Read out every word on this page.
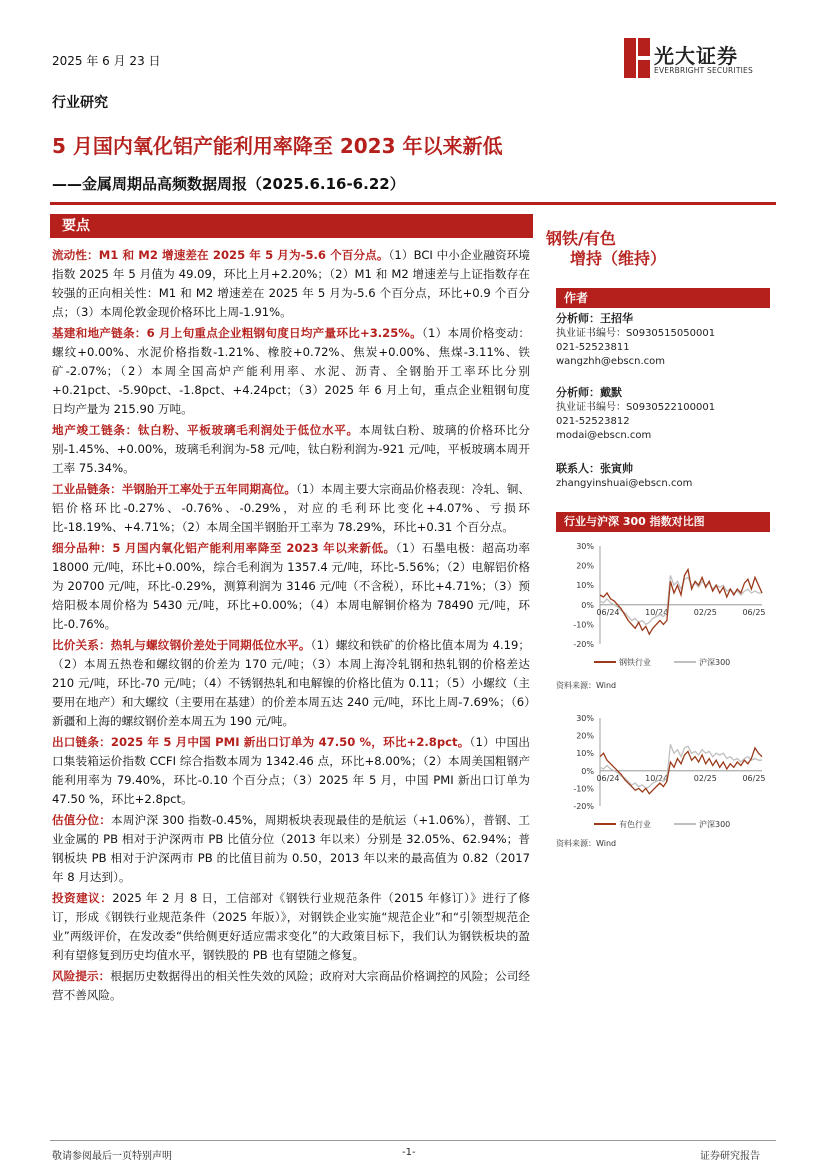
2025 年 6 月 23 日	光大证券
EVERBRIGHT SECURITIES
行业研究
5 月国内氧化铝产能利用率降至 2023 年以来新低
——金属周期品高频数据周报（2025.6.16-6.22）
要点

流动性：M1 和 M2 增速差在 2025 年 5 月为-5.6 个百分点。（1）BCI 中小企业融资环境指数 2025 年 5 月值为 49.09，环比上月+2.20%；（2）M1 和 M2 增速差与上证指数存在较强的正向相关性：M1 和 M2 增速差在 2025 年 5 月为-5.6 个百分点，环比+0.9 个百分点；（3）本周伦敦金现价格环比上周-1.91%。

基建和地产链条：6 月上旬重点企业粗钢旬度日均产量环比+3.25%。（1）本周价格变动：螺纹+0.00%、水泥价格指数-1.21%、橡胶+0.72%、焦炭+0.00%、焦煤-3.11%、铁矿-2.07%；（2）本周全国高炉产能利用率、水泥、沥青、全钢胎开工率环比分别+0.21pct、-5.90pct、-1.8pct、+4.24pct；（3）2025 年 6 月上旬，重点企业粗钢旬度日均产量为 215.90 万吨。

地产竣工链条：钛白粉、平板玻璃毛利润处于低位水平。本周钛白粉、玻璃的价格环比分别-1.45%、+0.00%，玻璃毛利润为-58 元/吨，钛白粉利润为-921 元/吨，平板玻璃本周开工率 75.34%。

工业品链条：半钢胎开工率处于五年同期高位。（1）本周主要大宗商品价格表现：冷轧、铜、铝价格环比-0.27%、-0.76%、-0.29%，对应的毛利环比变化+4.07%、亏损环比-18.19%、+4.71%；（2）本周全国半钢胎开工率为 78.29%，环比+0.31 个百分点。

细分品种：5 月国内氧化铝产能利用率降至 2023 年以来新低。（1）石墨电极：超高功率 18000 元/吨，环比+0.00%，综合毛利润为 1357.4 元/吨，环比-5.56%；（2）电解铝价格为 20700 元/吨，环比-0.29%，测算利润为 3146 元/吨（不含税），环比+4.71%；（3）预焙阳极本周价格为 5430 元/吨，环比+0.00%；（4）本周电解铜价格为 78490 元/吨，环比-0.76%。

比价关系：热轧与螺纹钢价差处于同期低位水平。（1）螺纹和铁矿的价格比值本周为 4.19；（2）本周五热卷和螺纹钢的价差为 170 元/吨；（3）本周上海冷轧钢和热轧钢的价格差达 210 元/吨，环比-70 元/吨；（4）不锈钢热轧和电解镍的价格比值为 0.11；（5）小螺纹（主要用在地产）和大螺纹（主要用在基建）的价差本周五达 240 元/吨，环比上周-7.69%；（6）新疆和上海的螺纹钢价差本周五为 190 元/吨。

出口链条：2025 年 5 月中国 PMI 新出口订单为 47.50 %，环比+2.8pct。（1）中国出口集装箱运价指数 CCFI 综合指数本周为 1342.46 点，环比+8.00%；（2）本周美国粗钢产能利用率为 79.40%，环比-0.10 个百分点；（3）2025 年 5 月，中国 PMI 新出口订单为 47.50 %，环比+2.8pct。

估值分位：本周沪深 300 指数-0.45%，周期板块表现最佳的是航运（+1.06%），普钢、工业金属的 PB 相对于沪深两市 PB 比值分位（2013 年以来）分别是 32.05%、62.94%；普钢板块 PB 相对于沪深两市 PB 的比值目前为 0.50，2013 年以来的最高值为 0.82（2017 年 8 月达到）。

投资建议：2025 年 2 月 8 日，工信部对《钢铁行业规范条件（2015 年修订）》进行了修订，形成《钢铁行业规范条件（2025 年版）》，对钢铁企业实施“规范企业”和“引领型规范企业”两级评价，在发改委“供给侧更好适应需求变化”的大政策目标下，我们认为钢铁板块的盈利有望修复到历史均值水平，钢铁股的 PB 也有望随之修复。

风险提示：根据历史数据得出的相关性失效的风险；政府对大宗商品价格调控的风险；公司经营不善风险。

钢铁/有色
增持（维持）
作者
分析师：王招华
执业证书编号：S0930515050001
021-52523811
wangzhh@ebscn.com
分析师：戴默
执业证书编号：S0930522100001
021-52523812
modai@ebscn.com
联系人：张寅帅
zhangyinshuai@ebscn.com
行业与沪深 300 指数对比图
30%
20%
10%
0%
-10%
-20%
06/24	10/24	02/25	06/25
钢铁行业	沪深300
资料来源：Wind
30%
20%
10%
0%
-10%
-20%
06/24	10/24	02/25	06/25
有色行业	沪深300
资料来源：Wind
敬请参阅最后一页特别声明	-1-	证券研究报告
